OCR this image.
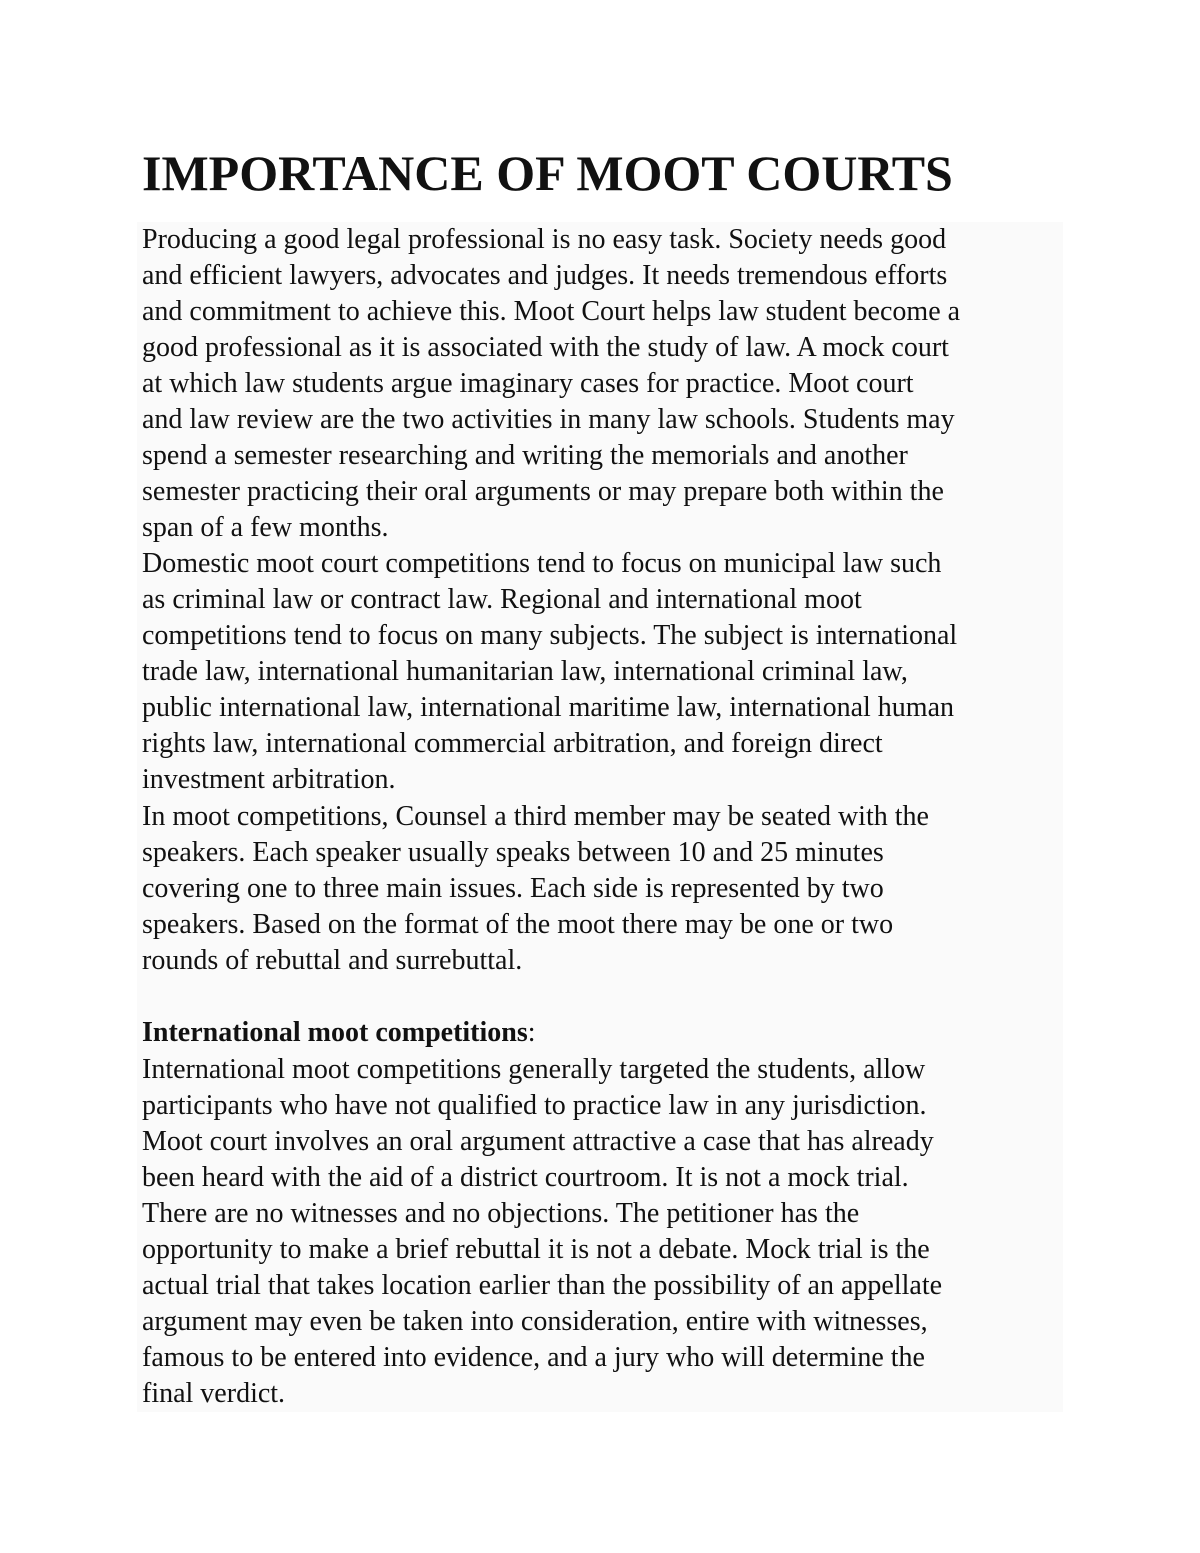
IMPORTANCE OF MOOT COURTS

Producing a good legal professional is no easy task. Society needs good

and efficient lawyers, advocates and judges. It needs tremendous efforts

and commitment to achieve this. Moot Court helps law student become a

good professional as it is associated with the study of law. A mock court

at which law students argue imaginary cases for practice. Moot court

and law review are the two activities in many law schools. Students may

spend a semester researching and writing the memorials and another

semester practicing their oral arguments or may prepare both within the

span of a few months.

Domestic moot court competitions tend to focus on municipal law such

as criminal law or contract law. Regional and international moot

competitions tend to focus on many subjects. The subject is international

trade law, international humanitarian law, international criminal law,

public international law, international maritime law, international human

rights law, international commercial arbitration, and foreign direct

investment arbitration.

In moot competitions, Counsel a third member may be seated with the

speakers. Each speaker usually speaks between 10 and 25 minutes

covering one to three main issues. Each side is represented by two

speakers. Based on the format of the moot there may be one or two

rounds of rebuttal and surrebuttal.

International moot competitions:

International moot competitions generally targeted the students, allow

participants who have not qualified to practice law in any jurisdiction.

Moot court involves an oral argument attractive a case that has already

been heard with the aid of a district courtroom. It is not a mock trial.

There are no witnesses and no objections. The petitioner has the

opportunity to make a brief rebuttal it is not a debate. Mock trial is the

actual trial that takes location earlier than the possibility of an appellate

argument may even be taken into consideration, entire with witnesses,

famous to be entered into evidence, and a jury who will determine the

final verdict.
